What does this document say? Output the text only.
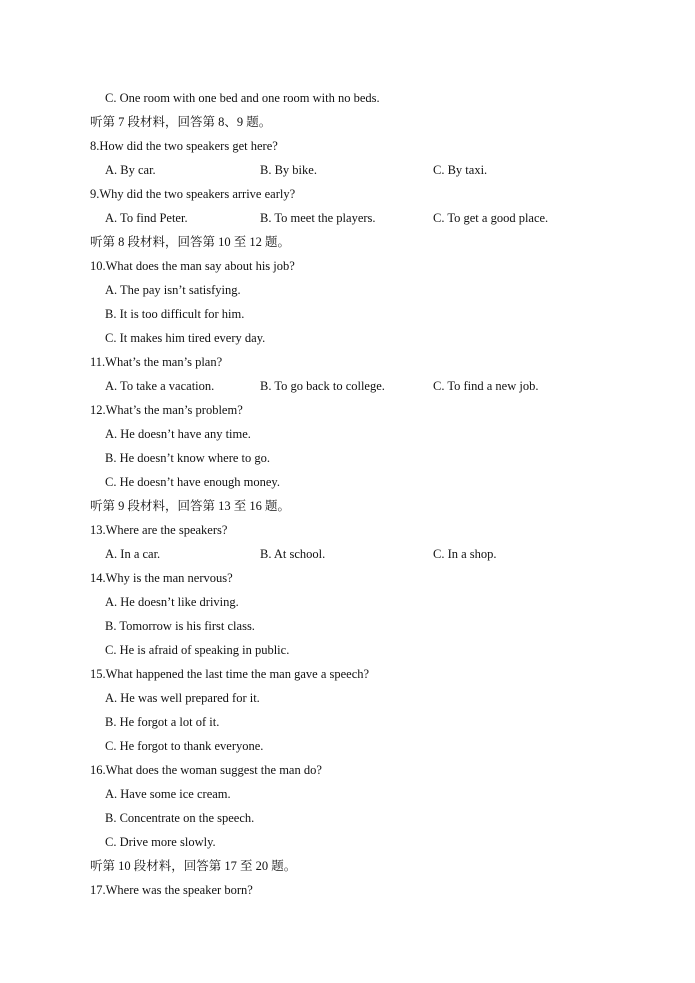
C. One room with one bed and one room with no beds.
听第 7 段材料，回答第 8、9 题。
8.How did the two speakers get here?
A. By car.	B. By bike.	C. By taxi.
9.Why did the two speakers arrive early?
A. To find Peter.	B. To meet the players.	C. To get a good place.
听第 8 段材料，回答第 10 至 12 题。
10.What does the man say about his job?
A. The pay isn’t satisfying.
B. It is too difficult for him.
C. It makes him tired every day.
11.What’s the man’s plan?
A. To take a vacation.	B. To go back to college.	C. To find a new job.
12.What’s the man’s problem?
A. He doesn’t have any time.
B. He doesn’t know where to go.
C. He doesn’t have enough money.
听第 9 段材料，回答第 13 至 16 题。
13.Where are the speakers?
A. In a car.	B. At school.	C. In a shop.
14.Why is the man nervous?
A. He doesn’t like driving.
B. Tomorrow is his first class.
C. He is afraid of speaking in public.
15.What happened the last time the man gave a speech?
A. He was well prepared for it.
B. He forgot a lot of it.
C. He forgot to thank everyone.
16.What does the woman suggest the man do?
A. Have some ice cream.
B. Concentrate on the speech.
C. Drive more slowly.
听第 10 段材料，回答第 17 至 20 题。
17.Where was the speaker born?
